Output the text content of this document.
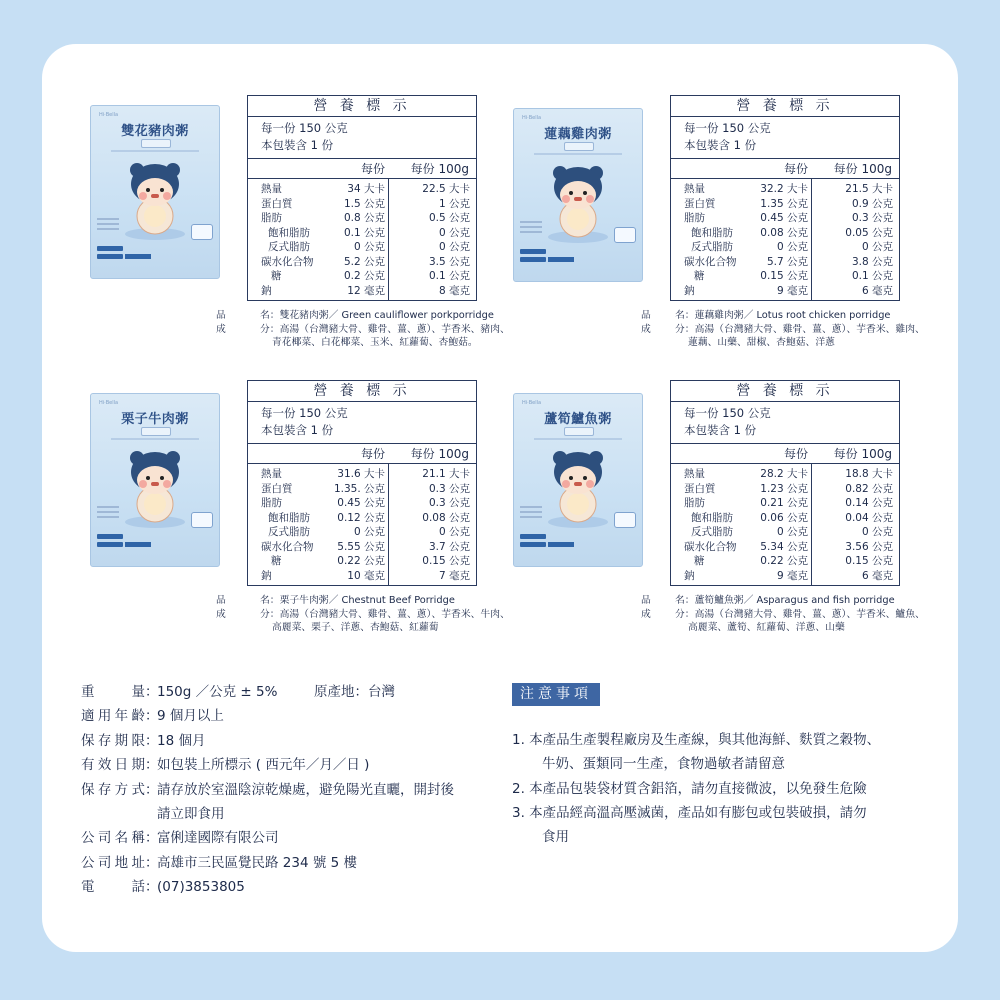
Hi·Bella
雙花豬肉粥
營 養 標 示
每一份 150 公克
本包裝含 1 份
每份	每份 100g
熱量	34 大卡	22.5 大卡
蛋白質	1.5 公克	1 公克
脂肪	0.8 公克	0.5 公克
飽和脂肪	0.1 公克	0 公克
反式脂肪	0 公克	0 公克
碳水化合物	5.2 公克	3.5 公克
糖	0.2 公克	0.1 公克
鈉	12 毫克	8 毫克
品	名：雙花豬肉粥／ Green cauliflower porkporridge
成	分：高湯（台灣豬大骨、雞骨、薑、蔥）、芋香米、豬肉、
青花椰菜、白花椰菜、玉米、紅蘿蔔、杏鮑菇。
Hi·Bella
蓮藕雞肉粥
營 養 標 示
每一份 150 公克
本包裝含 1 份
每份	每份 100g
熱量	32.2 大卡	21.5 大卡
蛋白質	1.35 公克	0.9 公克
脂肪	0.45 公克	0.3 公克
飽和脂肪	0.08 公克	0.05 公克
反式脂肪	0 公克	0 公克
碳水化合物	5.7 公克	3.8 公克
糖	0.15 公克	0.1 公克
鈉	9 毫克	6 毫克
品 名：蓮藕雞肉粥／ Lotus root chicken porridge
成 分：高湯（台灣豬大骨、雞骨、薑、蔥）、芋香米、雞肉、
蓮藕、山藥、甜椒、杏鮑菇、洋蔥
Hi·Bella
栗子牛肉粥
營 養 標 示
每一份 150 公克
本包裝含 1 份
每份	每份 100g
熱量	31.6 大卡	21.1 大卡
蛋白質	1.35. 公克	0.3 公克
脂肪	0.45 公克	0.3 公克
飽和脂肪	0.12 公克	0.08 公克
反式脂肪	0 公克	0 公克
碳水化合物 5.55 公克	3.7 公克
糖	0.22 公克	0.15 公克
鈉	10 毫克	7 毫克
品	名：栗子牛肉粥／ Chestnut Beef Porridge
成	分：高湯（台灣豬大骨、雞骨、薑、蔥）、芋香米、牛肉、
高麗菜、栗子、洋蔥、杏鮑菇、紅蘿蔔
Hi·Bella
蘆筍鱸魚粥
營 養 標 示
每一份 150 公克
本包裝含 1 份
每份	每份 100g
熱量	28.2 大卡	18.8 大卡
蛋白質	1.23 公克	0.82 公克
脂肪	0.21 公克	0.14 公克
飽和脂肪	0.06 公克	0.04 公克
反式脂肪	0 公克	0 公克
碳水化合物 5.34 公克	3.56 公克
糖	0.22 公克	0.15 公克
鈉	9 毫克	6 毫克
品 名：蘆筍鱸魚粥／ Asparagus and fish porridge
成 分：高湯（台灣豬大骨、雞骨、薑、蔥）、芋香米、鱸魚、
高麗菜、蘆筍、紅蘿蔔、洋蔥、山藥
重量：150g ／公克 ± 5%	原產地：台灣
適用年齡：9 個月以上
保存期限：18 個月
有效日期：如包裝上所標示 ( 西元年／月／日 )
保存方式：請存放於室溫陰涼乾燥處，避免陽光直曬，開封後
請立即食用
公司名稱：富俐達國際有限公司
公司地址：高雄市三民區覺民路 234 號 5 樓
電話：(07)3853805
注意事項
1. 本產品生產製程廠房及生產線，與其他海鮮、麩質之穀物、
牛奶、蛋類同一生產，食物過敏者請留意
2. 本產品包裝袋材質含鋁箔，請勿直接微波，以免發生危險
3. 本產品經高溫高壓滅菌，產品如有膨包或包裝破損，請勿
食用
